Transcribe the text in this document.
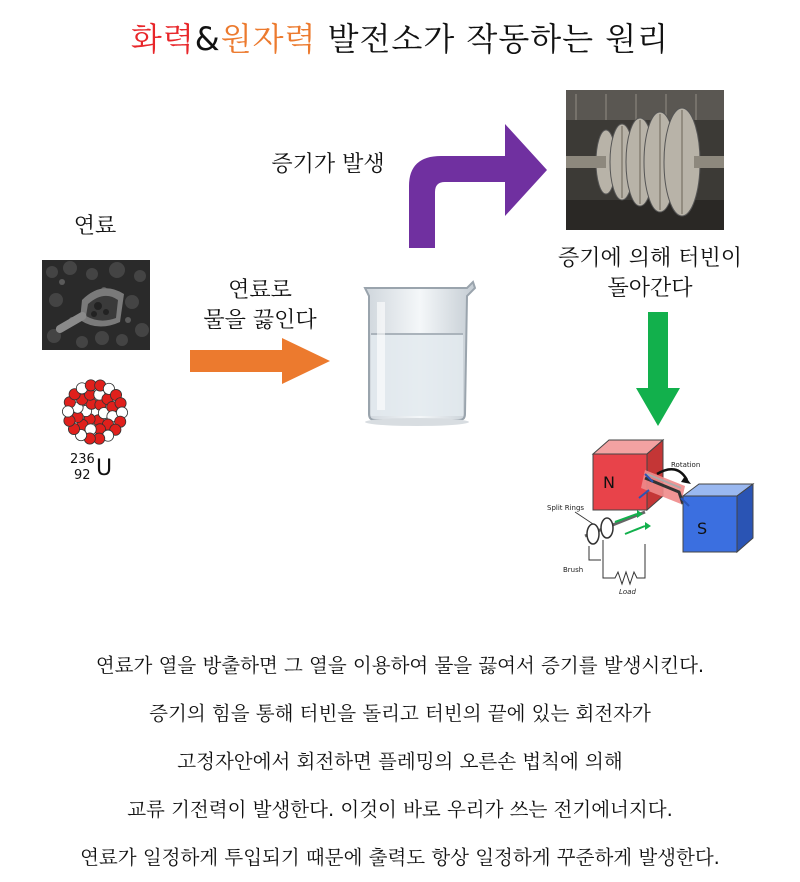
화력&원자력 발전소가 작동하는 원리
연료
236
92 U
연료로
물을 끓인다
증기가 발생
증기에 의해 터빈이
돌아간다
N
S
Rotation
Split Rings
Brush
Load
연료가 열을 방출하면 그 열을 이용하여 물을 끓여서 증기를 발생시킨다.
증기의 힘을 통해 터빈을 돌리고 터빈의 끝에 있는 회전자가
고정자안에서 회전하면 플레밍의 오른손 법칙에 의해
교류 기전력이 발생한다. 이것이 바로 우리가 쓰는 전기에너지다.
연료가 일정하게 투입되기 때문에 출력도 항상 일정하게 꾸준하게 발생한다.
